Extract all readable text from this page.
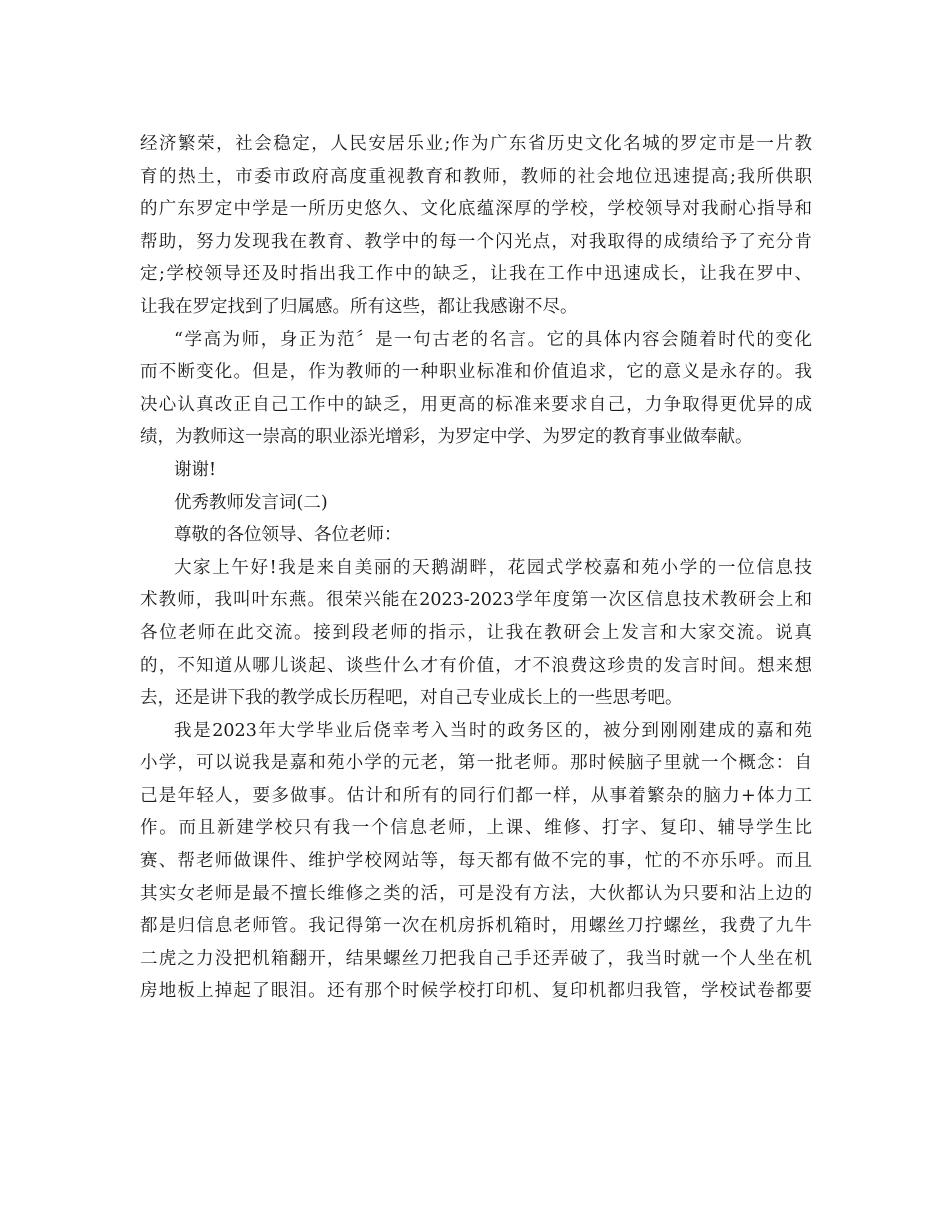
经济繁荣，社会稳定，人民安居乐业;作为广东省历史文化名城的罗定市是一片教
育的热土，市委市政府高度重视教育和教师，教师的社会地位迅速提高;我所供职
的广东罗定中学是一所历史悠久、文化底蕴深厚的学校，学校领导对我耐心指导和
帮助，努力发现我在教育、教学中的每一个闪光点，对我取得的成绩给予了充分肯
定;学校领导还及时指出我工作中的缺乏，让我在工作中迅速成长，让我在罗中、
让我在罗定找到了归属感。所有这些，都让我感谢不尽。
“学高为师，身正为范〞是一句古老的名言。它的具体内容会随着时代的变化
而不断变化。但是，作为教师的一种职业标准和价值追求，它的意义是永存的。我
决心认真改正自己工作中的缺乏，用更高的标准来要求自己，力争取得更优异的成
绩，为教师这一崇高的职业添光增彩，为罗定中学、为罗定的教育事业做奉献。
谢谢!
优秀教师发言词(二)
尊敬的各位领导、各位老师：
大家上午好!我是来自美丽的天鹅湖畔，花园式学校嘉和苑小学的一位信息技
术教师，我叫叶东燕。很荣兴能在2023-2023学年度第一次区信息技术教研会上和
各位老师在此交流。接到段老师的指示，让我在教研会上发言和大家交流。说真
的，不知道从哪儿谈起、谈些什么才有价值，才不浪费这珍贵的发言时间。想来想
去，还是讲下我的教学成长历程吧，对自己专业成长上的一些思考吧。
我是2023年大学毕业后侥幸考入当时的政务区的，被分到刚刚建成的嘉和苑
小学，可以说我是嘉和苑小学的元老，第一批老师。那时候脑子里就一个概念：自
己是年轻人，要多做事。估计和所有的同行们都一样，从事着繁杂的脑力+体力工
作。而且新建学校只有我一个信息老师，上课、维修、打字、复印、辅导学生比
赛、帮老师做课件、维护学校网站等，每天都有做不完的事，忙的不亦乐呼。而且
其实女老师是最不擅长维修之类的活，可是没有方法，大伙都认为只要和沾上边的
都是归信息老师管。我记得第一次在机房拆机箱时，用螺丝刀拧螺丝，我费了九牛
二虎之力没把机箱翻开，结果螺丝刀把我自己手还弄破了，我当时就一个人坐在机
房地板上掉起了眼泪。还有那个时候学校打印机、复印机都归我管，学校试卷都要
